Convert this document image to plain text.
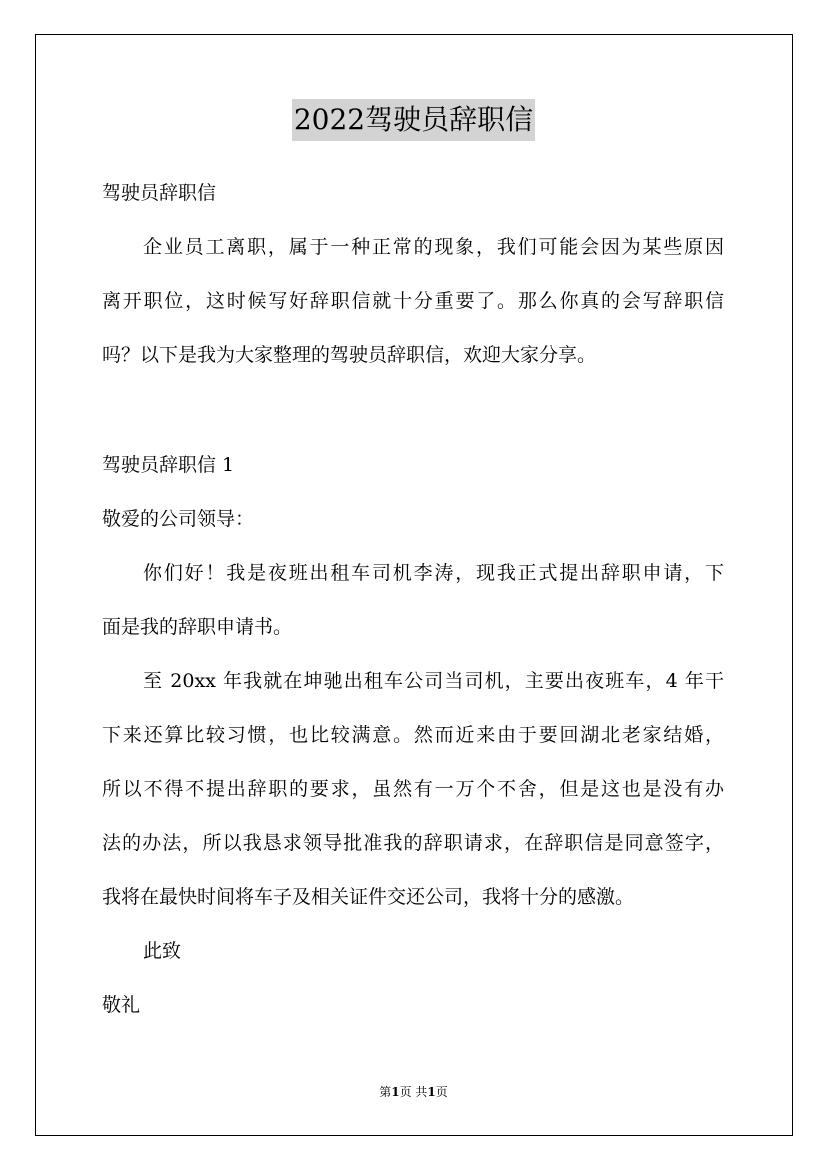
2022驾驶员辞职信
驾驶员辞职信
企业员工离职，属于一种正常的现象，我们可能会因为某些原因
离开职位，这时候写好辞职信就十分重要了。那么你真的会写辞职信
吗？以下是我为大家整理的驾驶员辞职信，欢迎大家分享。
驾驶员辞职信 1
敬爱的公司领导：
你们好！我是夜班出租车司机李涛，现我正式提出辞职申请，下
面是我的辞职申请书。
至 20xx 年我就在坤驰出租车公司当司机，主要出夜班车，4 年干
下来还算比较习惯，也比较满意。然而近来由于要回湖北老家结婚，
所以不得不提出辞职的要求，虽然有一万个不舍，但是这也是没有办
法的办法，所以我恳求领导批准我的辞职请求，在辞职信是同意签字，
我将在最快时间将车子及相关证件交还公司，我将十分的感激。
此致
敬礼
第1页 共1页
